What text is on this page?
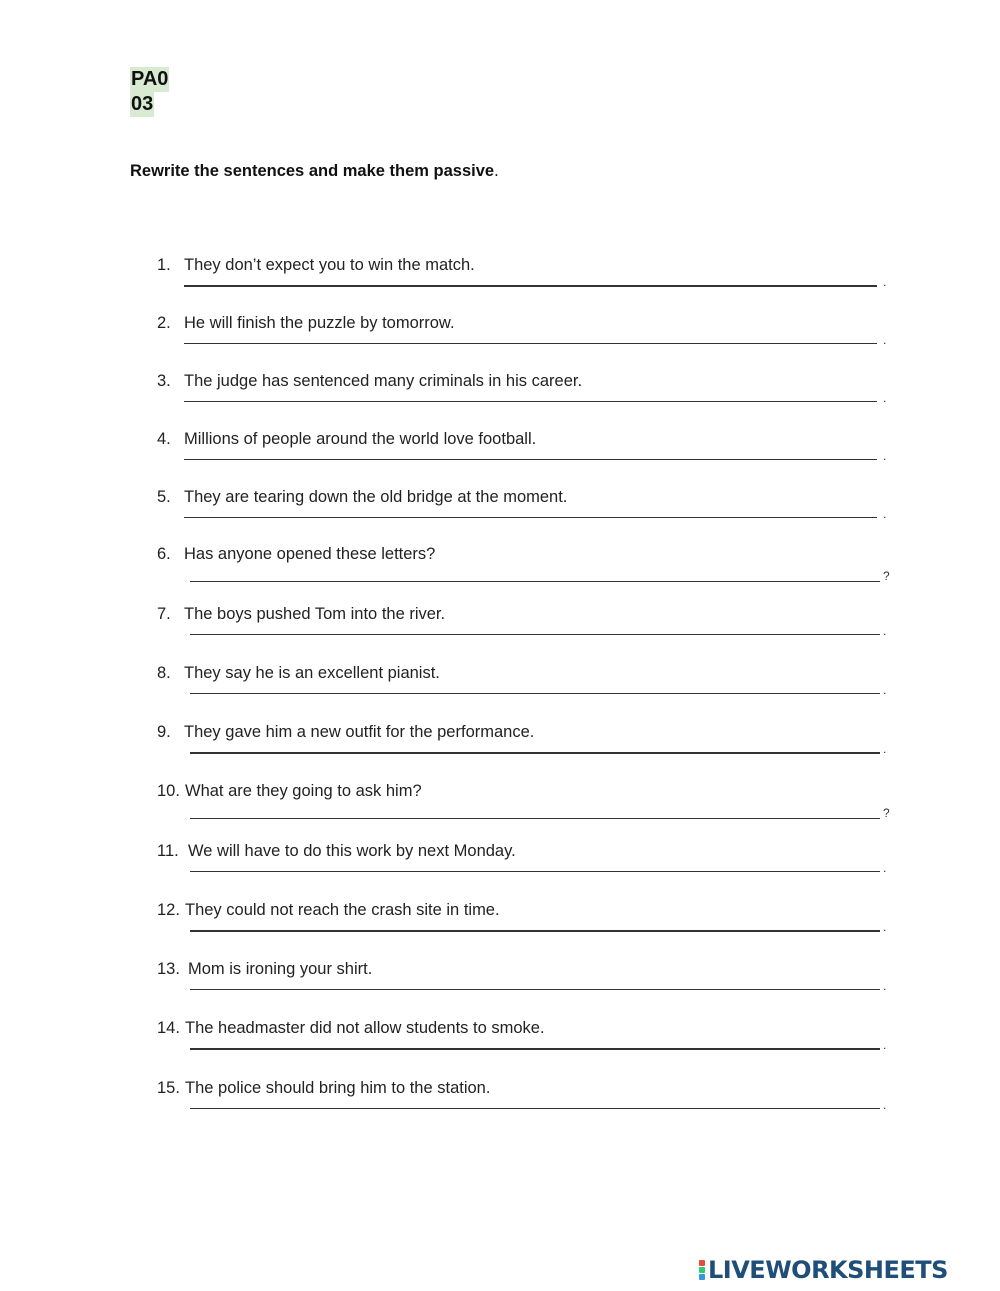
PA0
03
Rewrite the sentences and make them passive.
1. They don’t expect you to win the match.
.
2. He will finish the puzzle by tomorrow.
.
3. The judge has sentenced many criminals in his career.
.
4. Millions of people around the world love football.
.
5. They are tearing down the old bridge at the moment.
.
6. Has anyone opened these letters?
?
7. The boys pushed Tom into the river.
.
8. They say he is an excellent pianist.
.
9. They gave him a new outfit for the performance.
.
10. What are they going to ask him?
?
11. We will have to do this work by next Monday.
.
12. They could not reach the crash site in time.
.
13. Mom is ironing your shirt.
.
14. The headmaster did not allow students to smoke.
.
15. The police should bring him to the station.
.
LIVEWORKSHEETS
